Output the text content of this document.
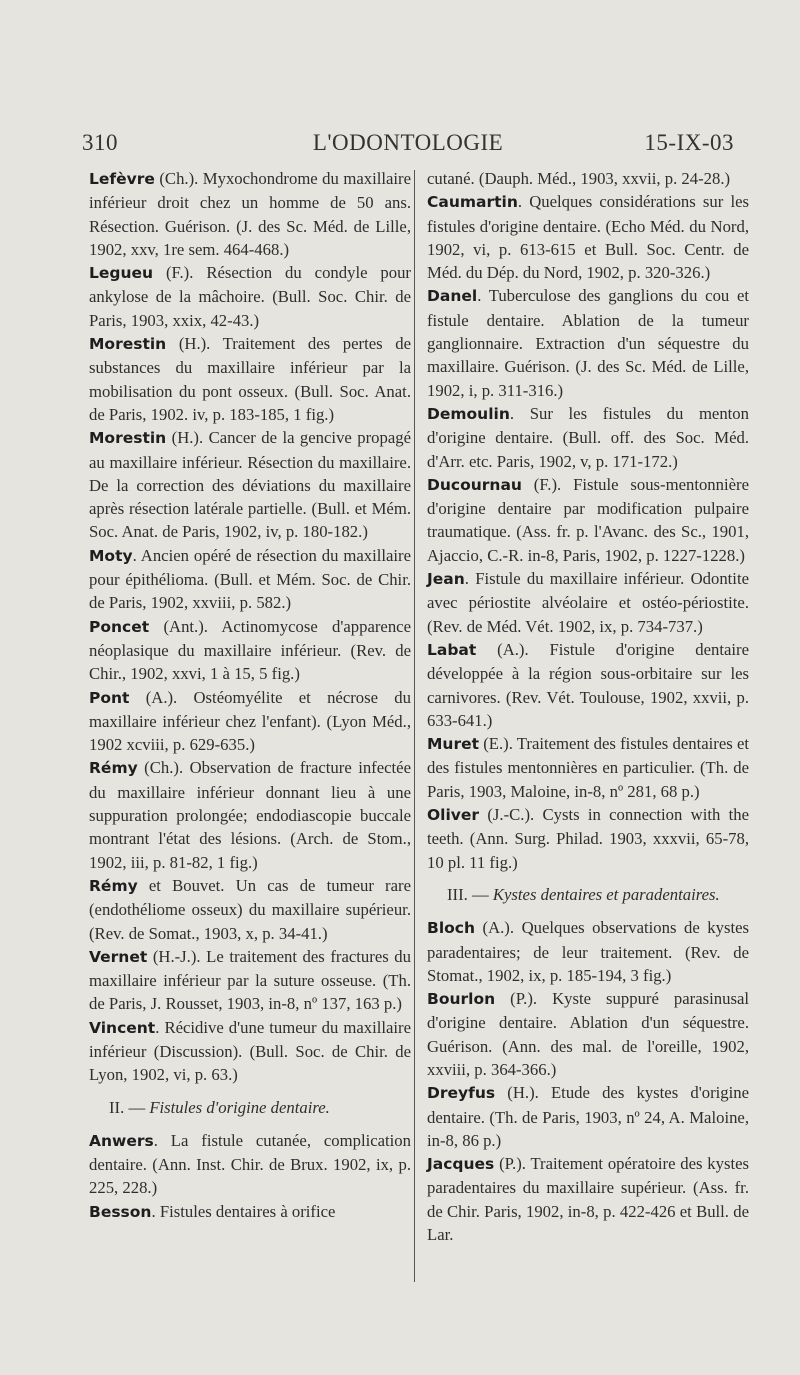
310	L'ODONTOLOGIE	15-IX-03

Lefèvre (Ch.). Myxochondrome du maxillaire inférieur droit chez un homme de 50 ans. Résection. Guérison. (J. des Sc. Méd. de Lille, 1902, xxv, 1re sem. 464-468.)

Legueu (F.). Résection du condyle pour ankylose de la mâchoire. (Bull. Soc. Chir. de Paris, 1903, xxix, 42-43.)

Morestin (H.). Traitement des pertes de substances du maxillaire inférieur par la mobilisation du pont osseux. (Bull. Soc. Anat. de Paris, 1902. iv, p. 183-185, 1 fig.)

Morestin (H.). Cancer de la gencive propagé au maxillaire inférieur. Résection du maxillaire. De la correction des déviations du maxillaire après résection latérale partielle. (Bull. et Mém. Soc. Anat. de Paris, 1902, iv, p. 180-182.)

Moty. Ancien opéré de résection du maxillaire pour épithélioma. (Bull. et Mém. Soc. de Chir. de Paris, 1902, xxviii, p. 582.)

Poncet (Ant.). Actinomycose d'apparence néoplasique du maxillaire inférieur. (Rev. de Chir., 1902, xxvi, 1 à 15, 5 fig.)

Pont (A.). Ostéomyélite et nécrose du maxillaire inférieur chez l'enfant). (Lyon Méd., 1902 xcviii, p. 629-635.)

Rémy (Ch.). Observation de fracture infectée du maxillaire inférieur donnant lieu à une suppuration prolongée; endodiascopie buccale montrant l'état des lésions. (Arch. de Stom., 1902, iii, p. 81-82, 1 fig.)

Rémy et Bouvet. Un cas de tumeur rare (endothéliome osseux) du maxillaire supérieur. (Rev. de Somat., 1903, x, p. 34-41.)

Vernet (H.-J.). Le traitement des fractures du maxillaire inférieur par la suture osseuse. (Th. de Paris, J. Rousset, 1903, in-8, nº 137, 163 p.)

Vincent. Récidive d'une tumeur du maxillaire inférieur (Discussion). (Bull. Soc. de Chir. de Lyon, 1902, vi, p. 63.)

II. — Fistules d'origine dentaire.

Anwers. La fistule cutanée, complication dentaire. (Ann. Inst. Chir. de Brux. 1902, ix, p. 225, 228.)

Besson. Fistules dentaires à orifice

cutané. (Dauph. Méd., 1903, xxvii, p. 24-28.)

Caumartin. Quelques considérations sur les fistules d'origine dentaire. (Echo Méd. du Nord, 1902, vi, p. 613-615 et Bull. Soc. Centr. de Méd. du Dép. du Nord, 1902, p. 320-326.)

Danel. Tuberculose des ganglions du cou et fistule dentaire. Ablation de la tumeur ganglionnaire. Extraction d'un séquestre du maxillaire. Guérison. (J. des Sc. Méd. de Lille, 1902, i, p. 311-316.)

Demoulin. Sur les fistules du menton d'origine dentaire. (Bull. off. des Soc. Méd. d'Arr. etc. Paris, 1902, v, p. 171-172.)

Ducournau (F.). Fistule sous-mentonnière d'origine dentaire par modification pulpaire traumatique. (Ass. fr. p. l'Avanc. des Sc., 1901, Ajaccio, C.-R. in-8, Paris, 1902, p. 1227-1228.)

Jean. Fistule du maxillaire inférieur. Odontite avec périostite alvéolaire et ostéo-périostite. (Rev. de Méd. Vét. 1902, ix, p. 734-737.)

Labat (A.). Fistule d'origine dentaire développée à la région sous-orbitaire sur les carnivores. (Rev. Vét. Toulouse, 1902, xxvii, p. 633-641.)

Muret (E.). Traitement des fistules dentaires et des fistules mentonnières en particulier. (Th. de Paris, 1903, Maloine, in-8, nº 281, 68 p.)

Oliver (J.-C.). Cysts in connection with the teeth. (Ann. Surg. Philad. 1903, xxxvii, 65-78, 10 pl. 11 fig.)

III. — Kystes dentaires et paradentaires.

Bloch (A.). Quelques observations de kystes paradentaires; de leur traitement. (Rev. de Stomat., 1902, ix, p. 185-194, 3 fig.)

Bourlon (P.). Kyste suppuré parasinusal d'origine dentaire. Ablation d'un séquestre. Guérison. (Ann. des mal. de l'oreille, 1902, xxviii, p. 364-366.)

Dreyfus (H.). Etude des kystes d'origine dentaire. (Th. de Paris, 1903, nº 24, A. Maloine, in-8, 86 p.)

Jacques (P.). Traitement opératoire des kystes paradentaires du maxillaire supérieur. (Ass. fr. de Chir. Paris, 1902, in-8, p. 422-426 et Bull. de Lar.
